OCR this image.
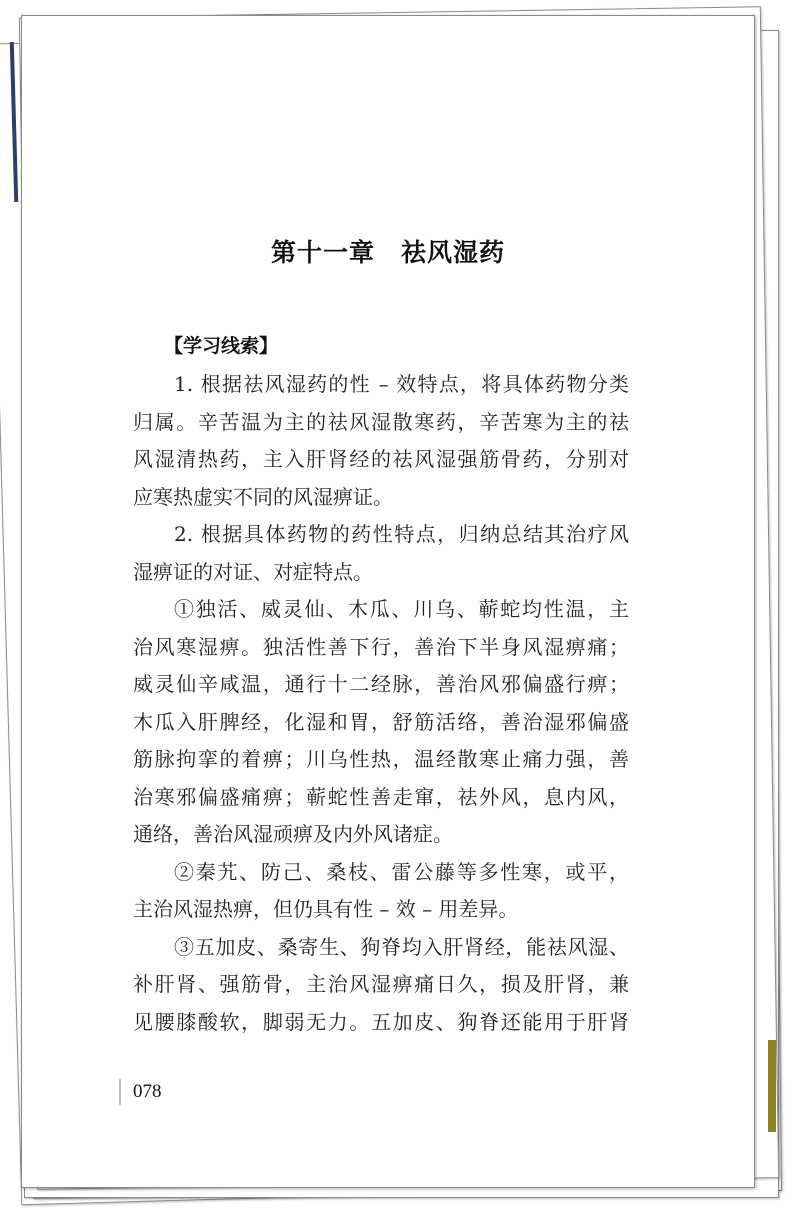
第十一章　祛风湿药
【学习线索】
1. 根据祛风湿药的性 – 效特点，将具体药物分类
归属。辛苦温为主的祛风湿散寒药，辛苦寒为主的祛
风湿清热药，主入肝肾经的祛风湿强筋骨药，分别对
应寒热虚实不同的风湿痹证。
2. 根据具体药物的药性特点，归纳总结其治疗风
湿痹证的对证、对症特点。
①独活、威灵仙、木瓜、川乌、蕲蛇均性温，主
治风寒湿痹。独活性善下行，善治下半身风湿痹痛；
威灵仙辛咸温，通行十二经脉，善治风邪偏盛行痹；
木瓜入肝脾经，化湿和胃，舒筋活络，善治湿邪偏盛
筋脉拘挛的着痹；川乌性热，温经散寒止痛力强，善
治寒邪偏盛痛痹；蕲蛇性善走窜，祛外风，息内风，
通络，善治风湿顽痹及内外风诸症。
②秦艽、防己、桑枝、雷公藤等多性寒，或平，
主治风湿热痹，但仍具有性 – 效 – 用差异。
③五加皮、桑寄生、狗脊均入肝肾经，能祛风湿、
补肝肾、强筋骨，主治风湿痹痛日久，损及肝肾，兼
见腰膝酸软，脚弱无力。五加皮、狗脊还能用于肝肾
078
